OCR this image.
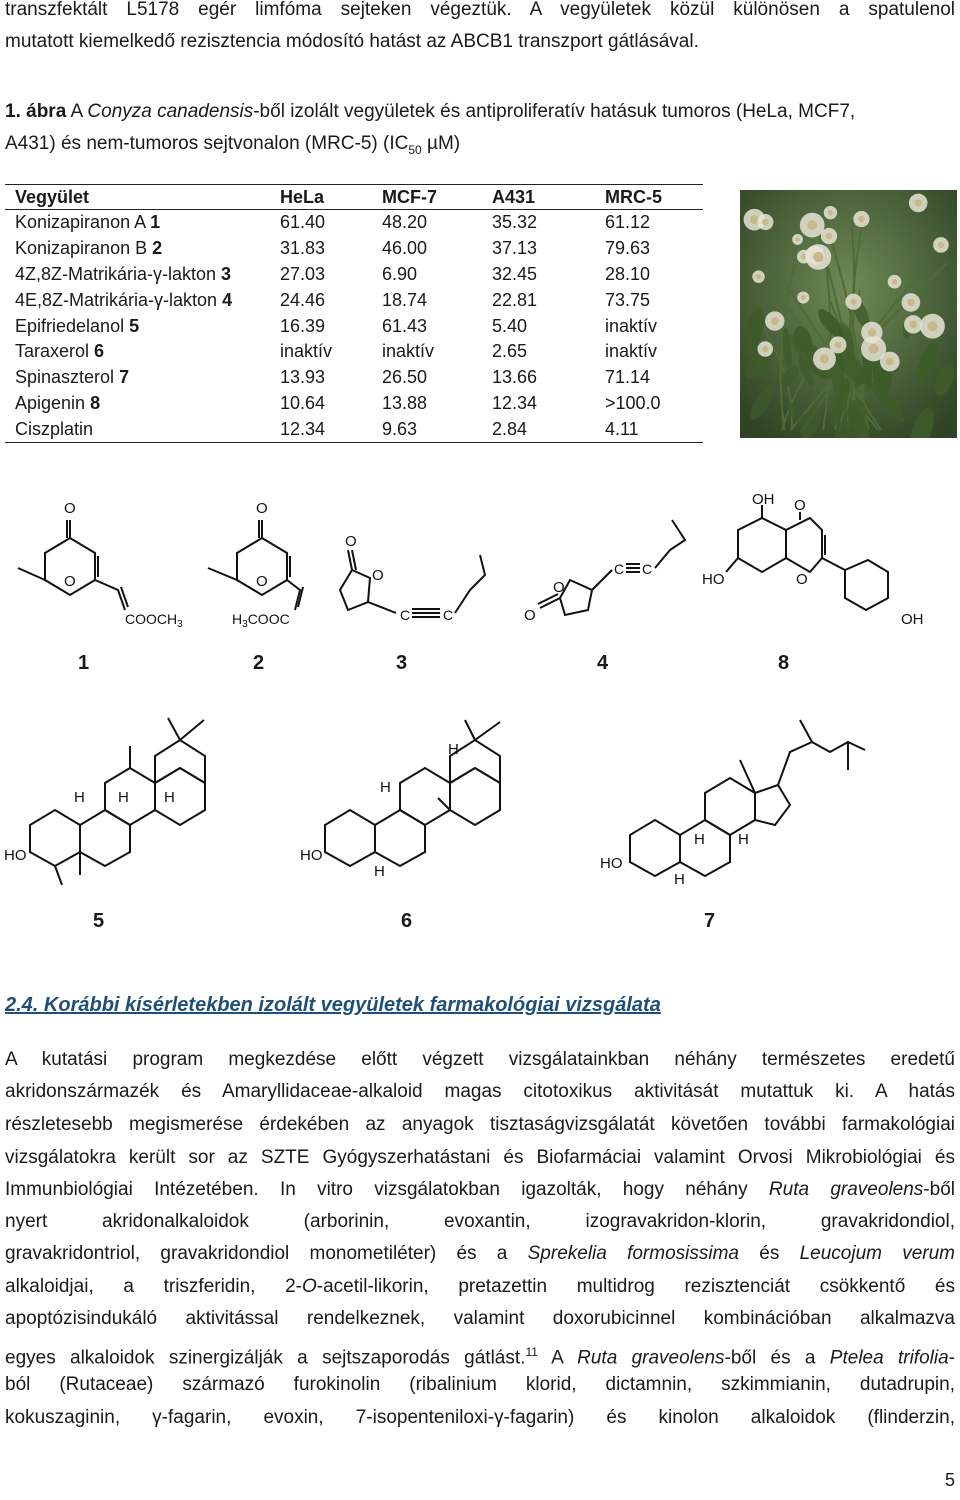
transzfektált L5178 egér limfóma sejteken végeztük. A vegyületek közül különösen a spatulenol
mutatott kiemelkedő rezisztencia módosító hatást az ABCB1 transzport gátlásával.
1. ábra A Conyza canadensis-ből izolált vegyületek és antiproliferatív hatásuk tumoros (HeLa, MCF7,
A431) és nem-tumoros sejtvonalon (MRC-5) ($IC_{50}$ µM)
Vegyület	HeLa	MCF-7	A431	MRC-5
Konizapiranon A 1	61.40	48.20	35.32	61.12
Konizapiranon B 2	31.83	46.00	37.13	79.63
4Z,8Z-Matrikária-γ-lakton 3	27.03	6.90	32.45	28.10
4E,8Z-Matrikária-γ-lakton 4	24.46	18.74	22.81	73.75
Epifriedelanol 5	16.39	61.43	5.40	inaktív
Taraxerol 6	inaktív	inaktív	2.65	inaktív
Spinaszterol 7	13.93	26.50	13.66	71.14
Apigenin 8	10.64	13.88	12.34	>100.0
Ciszplatin	12.34	9.63	2.84	4.11
O
O
$COOCH_3$
O
O
$H_3COOC$
O
O
C C
O
O
C C
OH O
HO	O
OH
HO
H H H
HO
H
H
H	HO
H H
H
1	2	3	4	8
5	6	7
2.4. Korábbi kísérletekben izolált vegyületek farmakológiai vizsgálata
A kutatási program megkezdése előtt végzett vizsgálatainkban néhány természetes eredetű
akridonszármazék és Amaryllidaceae-alkaloid magas citotoxikus aktivitását mutattuk ki. A hatás
részletesebb megismerése érdekében az anyagok tisztaságvizsgálatát követően további farmakológiai
vizsgálatokra került sor az SZTE Gyógyszerhatástani és Biofarmáciai valamint Orvosi Mikrobiológiai és
Immunbiológiai Intézetében. In vitro vizsgálatokban igazolták, hogy néhány Ruta graveolens-ből
nyert akridonalkaloidok (arborinin, evoxantin, izogravakridon-klorin, gravakridondiol,
gravakridontriol, gravakridondiol monometiléter) és a Sprekelia formosissima és Leucojum verum
alkaloidjai, a triszferidin, 2-O-acetil-likorin, pretazettin multidrog rezisztenciát csökkentő és
apoptózisindukáló aktivitással rendelkeznek, valamint doxorubicinnel kombinációban alkalmazva
egyes alkaloidok szinergizálják a sejtszaporodás gátlást.$^{11}$ A Ruta graveolens-ből és a Ptelea trifolia-
ból (Rutaceae) származó furokinolin (ribalinium klorid, dictamnin, szkimmianin, dutadrupin,
kokuszaginin, γ-fagarin, evoxin, 7-isopenteniloxi-γ-fagarin) és kinolon alkaloidok (flinderzin,
5
